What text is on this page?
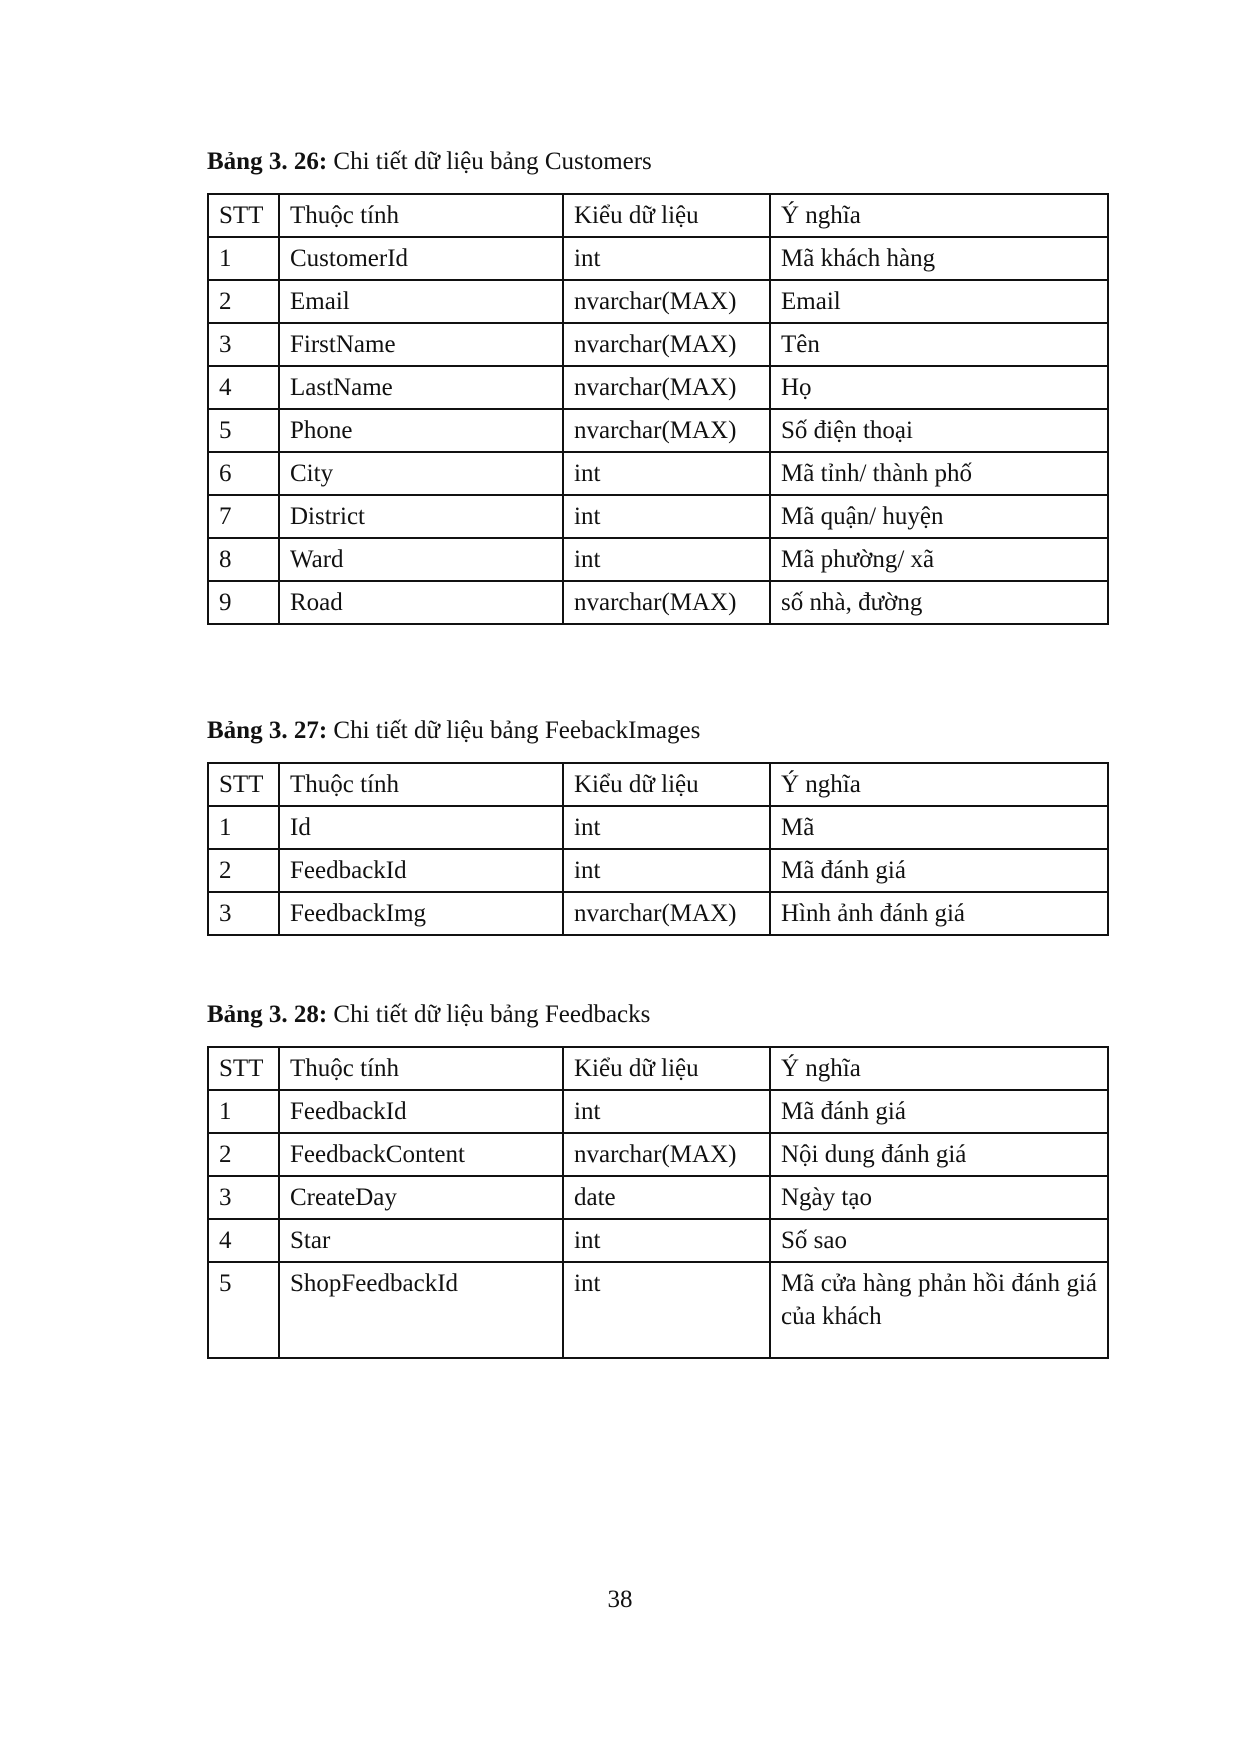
Bảng 3. 26: Chi tiết dữ liệu bảng Customers
STT	Thuộc tính	Kiểu dữ liệu	Ý nghĩa
1	CustomerId	int	Mã khách hàng
2	Email	nvarchar(MAX)	Email
3	FirstName	nvarchar(MAX)	Tên
4	LastName	nvarchar(MAX)	Họ
5	Phone	nvarchar(MAX)	Số điện thoại
6	City	int	Mã tỉnh/ thành phố
7	District	int	Mã quận/ huyện
8	Ward	int	Mã phường/ xã
9	Road	nvarchar(MAX)	số nhà, đường
Bảng 3. 27: Chi tiết dữ liệu bảng FeebackImages
STT	Thuộc tính	Kiểu dữ liệu	Ý nghĩa
1	Id	int	Mã
2	FeedbackId	int	Mã đánh giá
3	FeedbackImg	nvarchar(MAX)	Hình ảnh đánh giá
Bảng 3. 28: Chi tiết dữ liệu bảng Feedbacks
STT	Thuộc tính	Kiểu dữ liệu	Ý nghĩa
1	FeedbackId	int	Mã đánh giá
2	FeedbackContent	nvarchar(MAX)	Nội dung đánh giá
3	CreateDay	date	Ngày tạo
4	Star	int	Số sao
5	ShopFeedbackId	int	Mã cửa hàng phản hồi đánh giá của khách
38
